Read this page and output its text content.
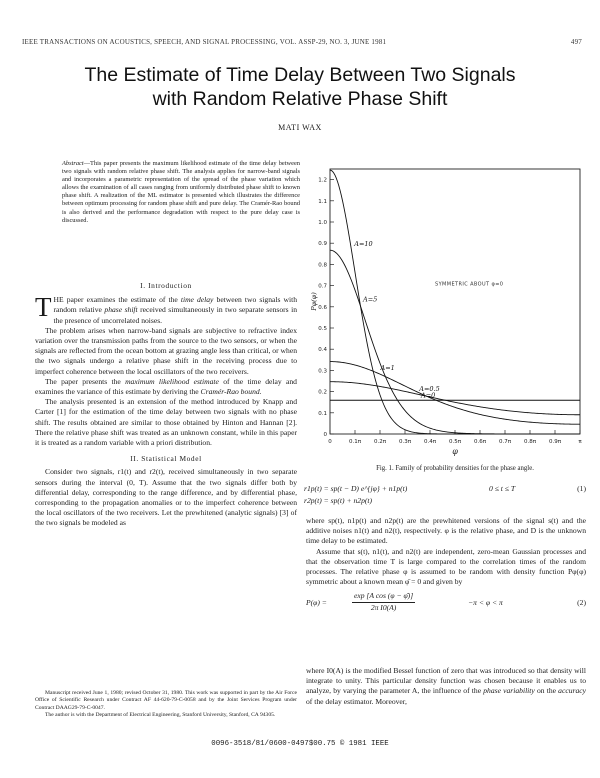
IEEE TRANSACTIONS ON ACOUSTICS, SPEECH, AND SIGNAL PROCESSING, VOL. ASSP-29, NO. 3, JUNE 1981	497
The Estimate of Time Delay Between Two Signals
with Random Relative Phase Shift
MATI WAX

Abstract—This paper presents the maximum likelihood estimate of the time delay between two signals with random relative phase shift. The analysis applies for narrow-band signals and incorporates a parametric representation of the spread of the phase variation which allows the examination of all cases ranging from uniformly distributed phase shift to known phase shift. A realization of the ML estimator is presented which illustrates the difference between optimum processing for random phase shift and pure delay. The Cramér-Rao bound is also derived and the performance degradation with respect to the pure delay case is discussed.

I. Introduction

THE paper examines the estimate of the time delay between two signals with random relative phase shift received simultaneously in two separate sensors in the presence of uncorrelated noises.

The problem arises when narrow-band signals are subjective to refractive index variation over the transmission paths from the source to the two sensors, or when the signals are reflected from the ocean bottom at grazing angle less than critical, or when the two signals undergo a relative phase shift in the receiving process due to imperfect coherence between the local oscillators of the two receivers.

The paper presents the maximum likelihood estimate of the time delay and examines the variance of this estimate by deriving the Cramér-Rao bound.

The analysis presented is an extension of the method introduced by Knapp and Carter [1] for the estimation of the time delay between two signals with no phase shift. The results obtained are similar to those obtained by Hinton and Hannan [2]. There the relative phase shift was treated as an unknown constant, while in this paper it is treated as a random variable with a priori distribution.

II. Statistical Model

Consider two signals, r1(t) and r2(t), received simultaneously in two separate sensors during the interval (0, T). Assume that the two signals differ both by differential delay, corresponding to the range difference, and by differential phase, corresponding to the propagation anomalies or to the imperfect coherence between the local oscillators of the two receivers. Let the prewhitened (analytic signals) [3] of the two signals be modeled as

Manuscript received June 1, 1980; revised October 31, 1980. This work was supported in part by the Air Force Office of Scientific Research under Contract AF 44-620-79-C-0058 and by the Joint Services Program under Contract DAAG29-79-C-0047.

The author is with the Department of Electrical Engineering, Stanford University, Stanford, CA 94305.

0
0.1
0.2
0.3
0.4
0.5
0.6
0.7
0.8
0.9
1.0
1.1
1.2
0	0.1π 0.2π 0.3π 0.4π 0.5π 0.6π 0.7π 0.8π 0.9π	π
φ
Pφ(φ)
SYMMETRIC ABOUT φ=0
A=10
A=5
A=1
A=0.5
A=0
Fig. 1. Family of probability densities for the phase angle.
r1p(t) = sp(t − D) e^{jφ} + n1p(t)	0 ≤ t ≤ T	(1)
r2p(t) = sp(t) + n2p(t)

where sp(t), n1p(t) and n2p(t) are the prewhitened versions of the signal s(t) and the additive noises n1(t) and n2(t), respectively. φ is the relative phase, and D is the unknown time delay to be estimated.

Assume that s(t), n1(t), and n2(t) are independent, zero-mean Gaussian processes and that the observation time T is large compared to the correlation times of the random processes. The relative phase φ is assumed to be random with density function Pφ(φ) symmetric about a known mean φ̄ = 0 and given by

P(φ) =	$\frac{\text{exp [A cos (φ − φ̄)]}}{\text{2π I0(A)}}$	−π < φ < π	(2)

where I0(A) is the modified Bessel function of zero that was introduced so that density will integrate to unity. This particular density function was chosen because it enables us to analyze, by varying the parameter A, the influence of the phase variability on the accuracy of the delay estimator. Moreover,

0096-3518/81/0600-0497$00.75 © 1981 IEEE
